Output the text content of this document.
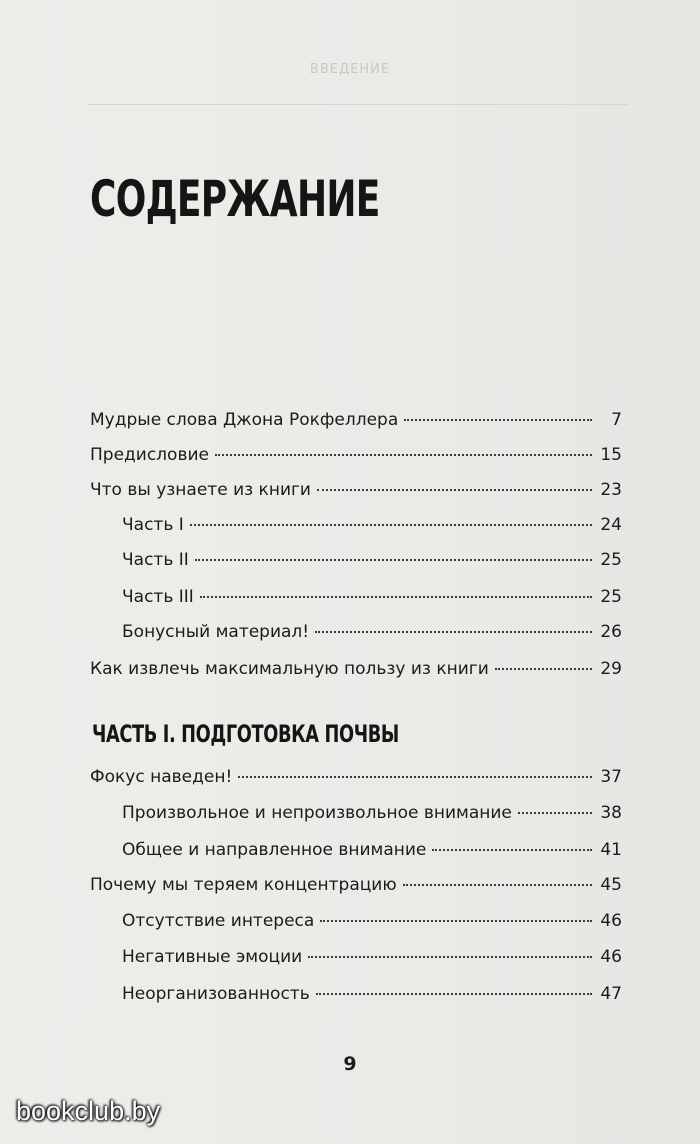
ВВЕДЕНИЕ
СОДЕРЖАНИЕ
Мудрые слова Джона Рокфеллера	7
Предисловие	15
Что вы узнаете из книги	23
Часть I	24
Часть II	25
Часть III	25
Бонусный материал!	26
Как извлечь максимальную пользу из книги	29
ЧАСТЬ I. ПОДГОТОВКА ПОЧВЫ
Фокус наведен!	37
Произвольное и непроизвольное внимание	38
Общее и направленное внимание	41
Почему мы теряем концентрацию	45
Отсутствие интереса	46
Негативные эмоции	46
Неорганизованность	47
9
bookclub.by
